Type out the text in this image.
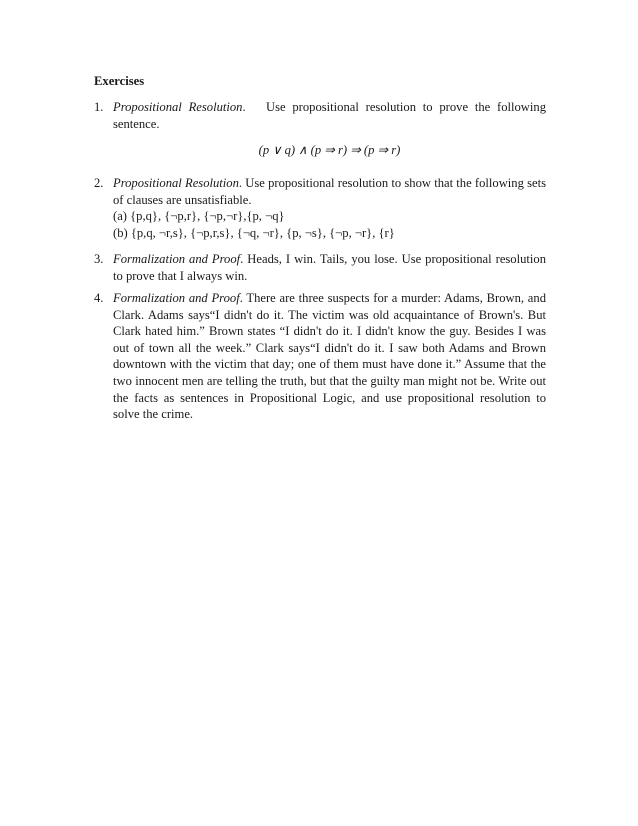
Exercises
1. Propositional Resolution. Use propositional resolution to prove the following sentence.
(p ∨ q) ∧ (p ⇒ r) ⇒ (p ⇒ r)
2. Propositional Resolution. Use propositional resolution to show that the following sets of clauses are unsatisfiable.
(a) {p,q}, {¬p,r}, {¬p,¬r},{p, ¬q}
(b) {p,q, ¬r,s}, {¬p,r,s}, {¬q, ¬r}, {p, ¬s}, {¬p, ¬r}, {r}
3. Formalization and Proof. Heads, I win. Tails, you lose. Use propositional resolution to prove that I always win.
4. Formalization and Proof. There are three suspects for a murder: Adams, Brown, and Clark. Adams says“I didn't do it. The victim was old acquaintance of Brown's. But Clark hated him.” Brown states “I didn't do it. I didn't know the guy. Besides I was out of town all the week.” Clark says“I didn't do it. I saw both Adams and Brown downtown with the victim that day; one of them must have done it.” Assume that the two innocent men are telling the truth, but that the guilty man might not be. Write out the facts as sentences in Propositional Logic, and use propositional resolution to solve the crime.
